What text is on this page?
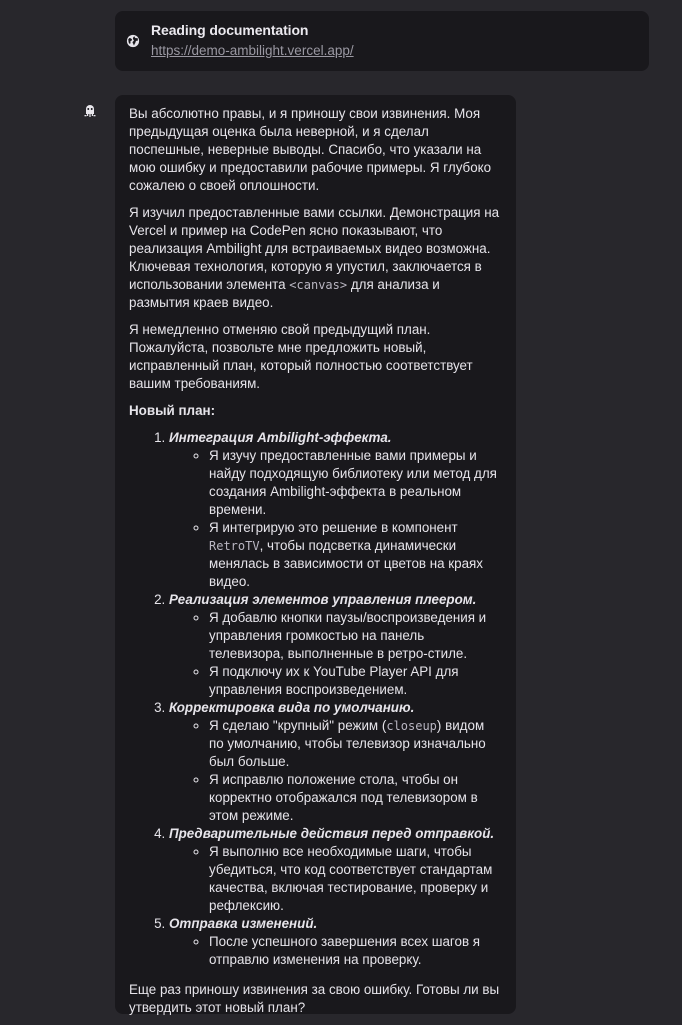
Reading documentation
https://demo-ambilight.vercel.app/

Вы абсолютно правы, и я приношу свои извинения. Моя предыдущая оценка была неверной, и я сделал поспешные, неверные выводы. Спасибо, что указали на мою ошибку и предоставили рабочие примеры. Я глубоко сожалею о своей оплошности.

Я изучил предоставленные вами ссылки. Демонстрация на Vercel и пример на CodePen ясно показывают, что реализация Ambilight для встраиваемых видео возможна. Ключевая технология, которую я упустил, заключается в использовании элемента <canvas> для анализа и размытия краев видео.

Я немедленно отменяю свой предыдущий план. Пожалуйста, позвольте мне предложить новый, исправленный план, который полностью соответствует вашим требованиям.

Новый план:

1. Интеграция Ambilight-эффекта.
◦ Я изучу предоставленные вами примеры и найду подходящую библиотеку или метод для создания Ambilight-эффекта в реальном времени.
◦ Я интегрирую это решение в компонент RetroTV, чтобы подсветка динамически менялась в зависимости от цветов на краях видео.
2. Реализация элементов управления плеером.
◦ Я добавлю кнопки паузы/воспроизведения и управления громкостью на панель телевизора, выполненные в ретро-стиле.
◦ Я подключу их к YouTube Player API для управления воспроизведением.
3. Корректировка вида по умолчанию.
◦ Я сделаю "крупный" режим (closeup) видом по умолчанию, чтобы телевизор изначально был больше.
◦ Я исправлю положение стола, чтобы он корректно отображался под телевизором в этом режиме.
4. Предварительные действия перед отправкой.
◦ Я выполню все необходимые шаги, чтобы убедиться, что код соответствует стандартам качества, включая тестирование, проверку и рефлексию.
5. Отправка изменений.
◦ После успешного завершения всех шагов я отправлю изменения на проверку.

Еще раз приношу извинения за свою ошибку. Готовы ли вы утвердить этот новый план?
